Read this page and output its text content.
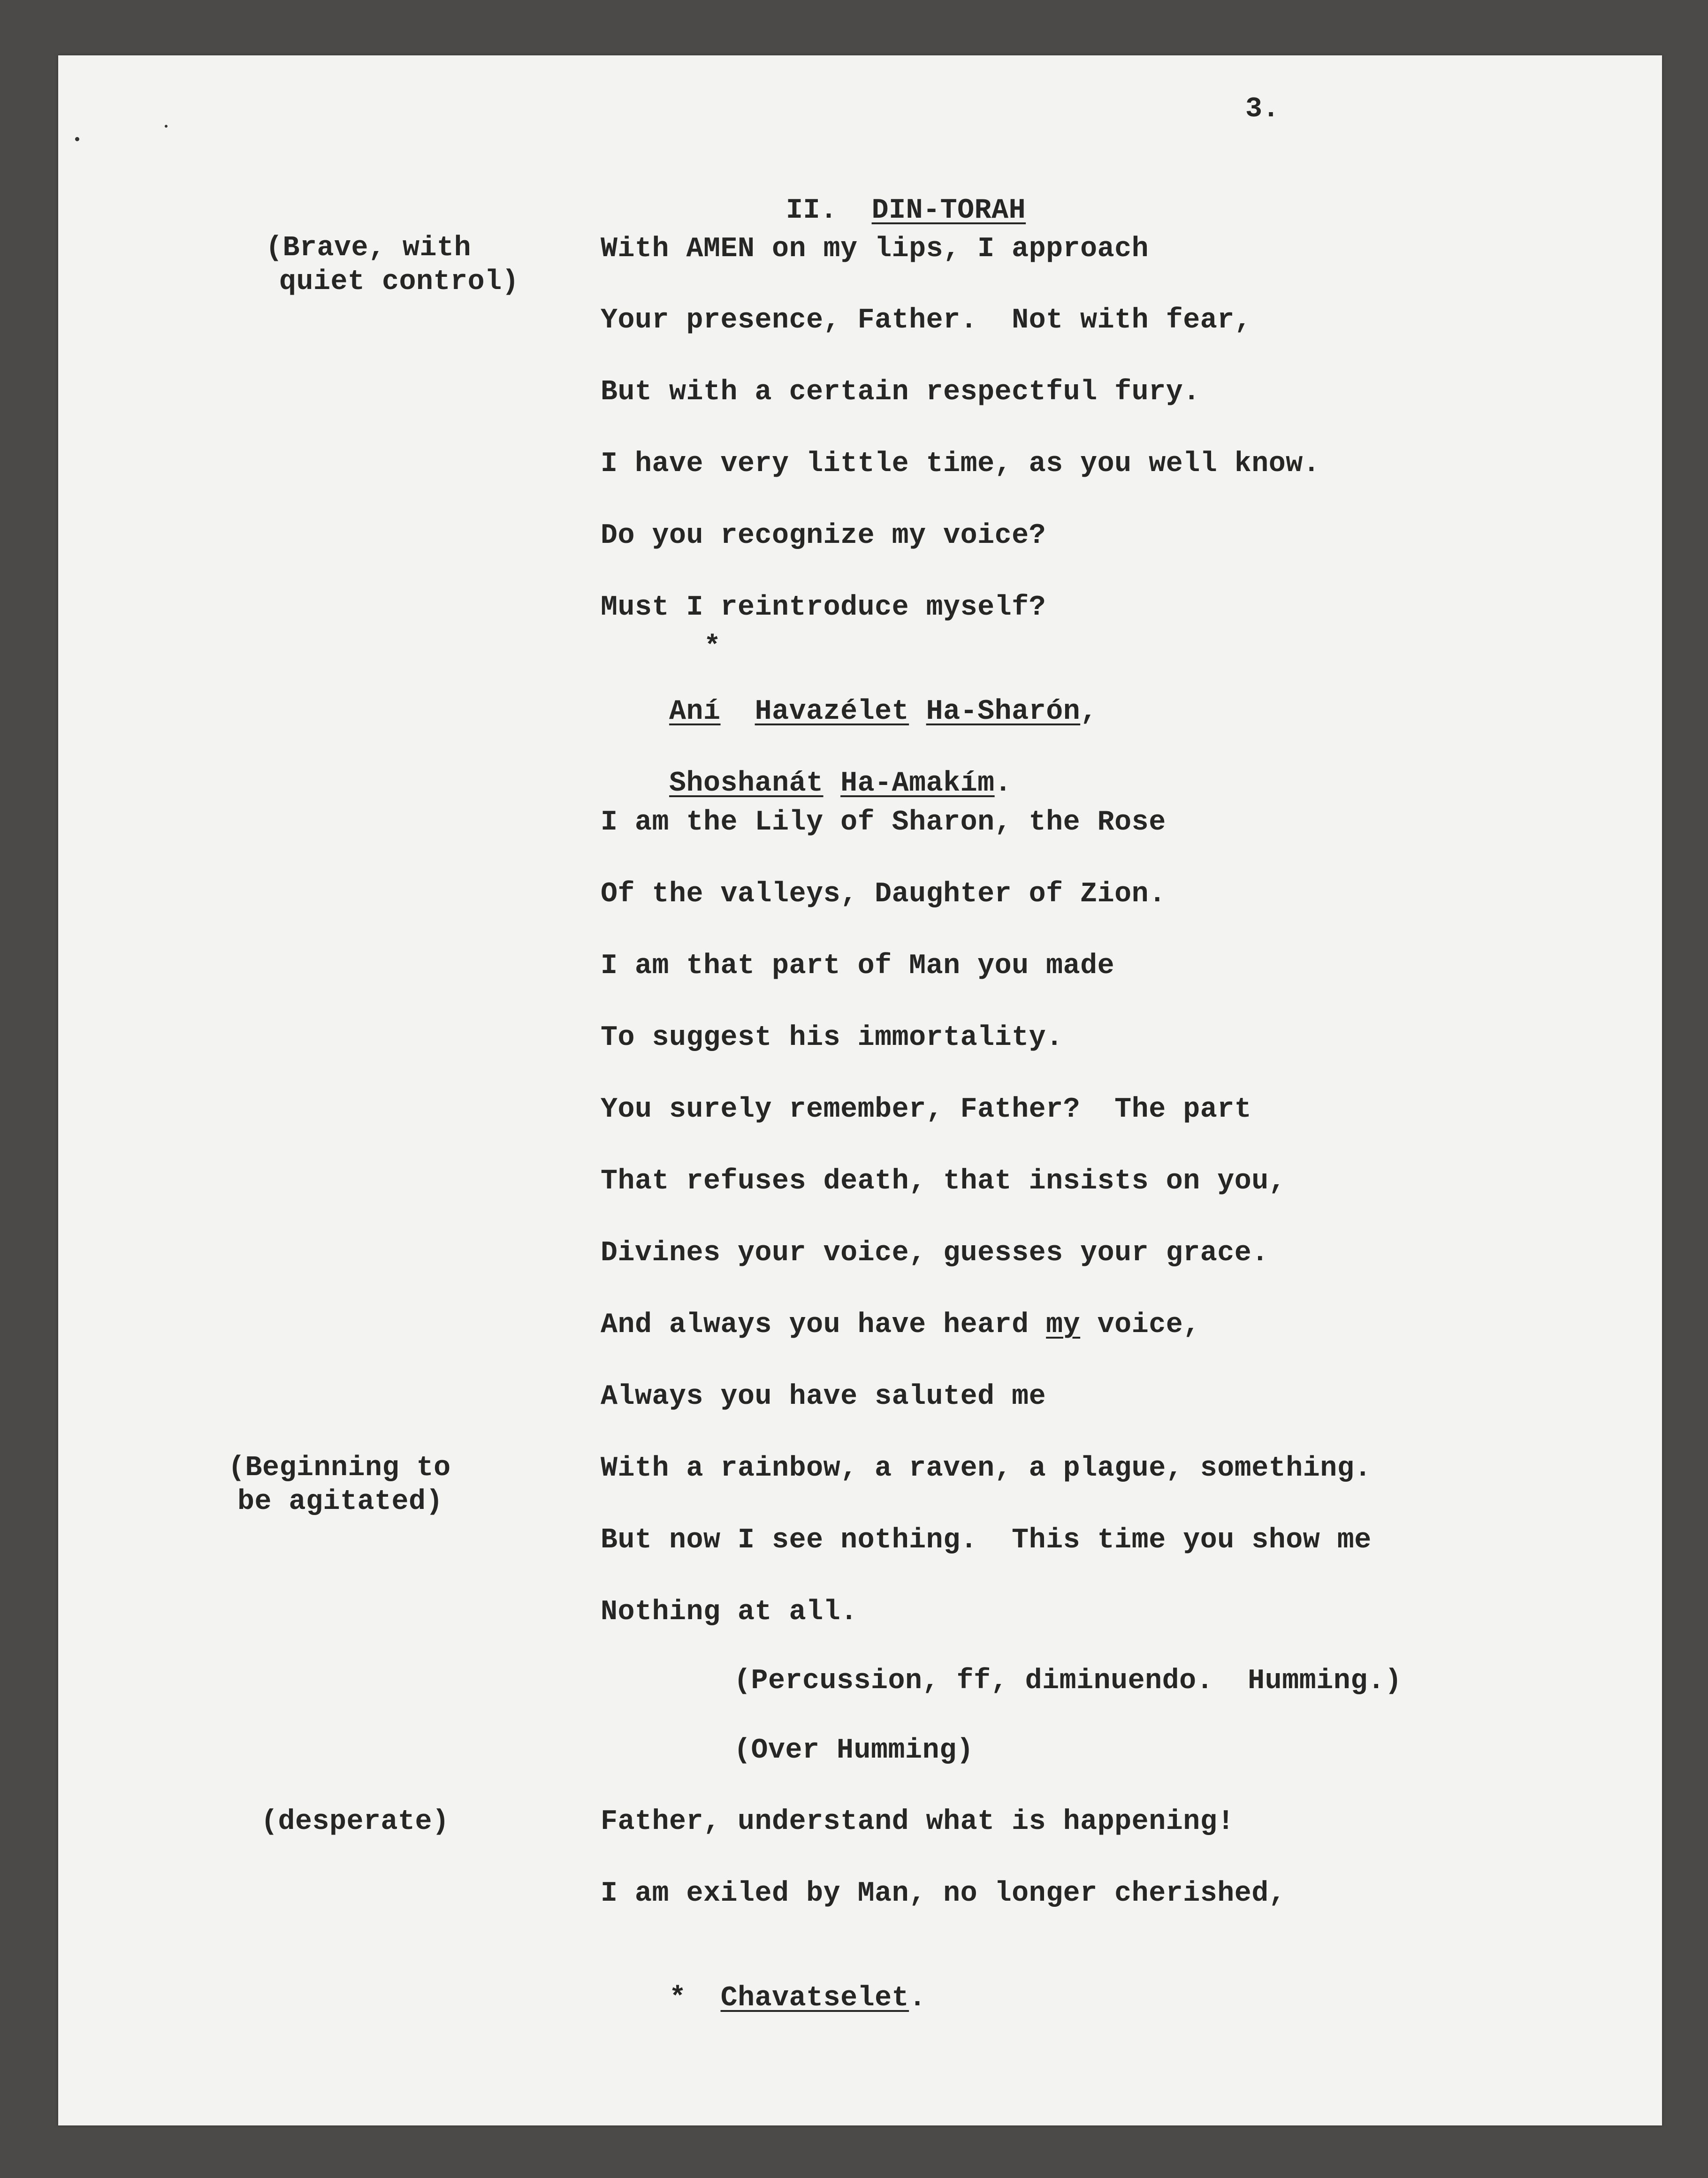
3.

II. DIN-TORAH

(Brave, with
quiet control)
With AMEN on my lips, I approach
Your presence, Father.  Not with fear,
But with a certain respectful fury.
I have very little time, as you well know.
Do you recognize my voice?
Must I reintroduce myself?
*

Aní Havazélet Ha-Sharón,

Shoshanát Ha-Amakím.

I am the Lily of Sharon, the Rose
Of the valleys, Daughter of Zion.
I am that part of Man you made
To suggest his immortality.
You surely remember, Father?  The part
That refuses death, that insists on you,
Divines your voice, guesses your grace.
And always you have heard my voice,
Always you have saluted me
(Beginning to
be agitated)
With a rainbow, a raven, a plague, something.
But now I see nothing.  This time you show me
Nothing at all.
(Percussion, ff, diminuendo.  Humming.)
(Over Humming)
(desperate)	Father, understand what is happening!
I am exiled by Man, no longer cherished,

* Chavatselet.
